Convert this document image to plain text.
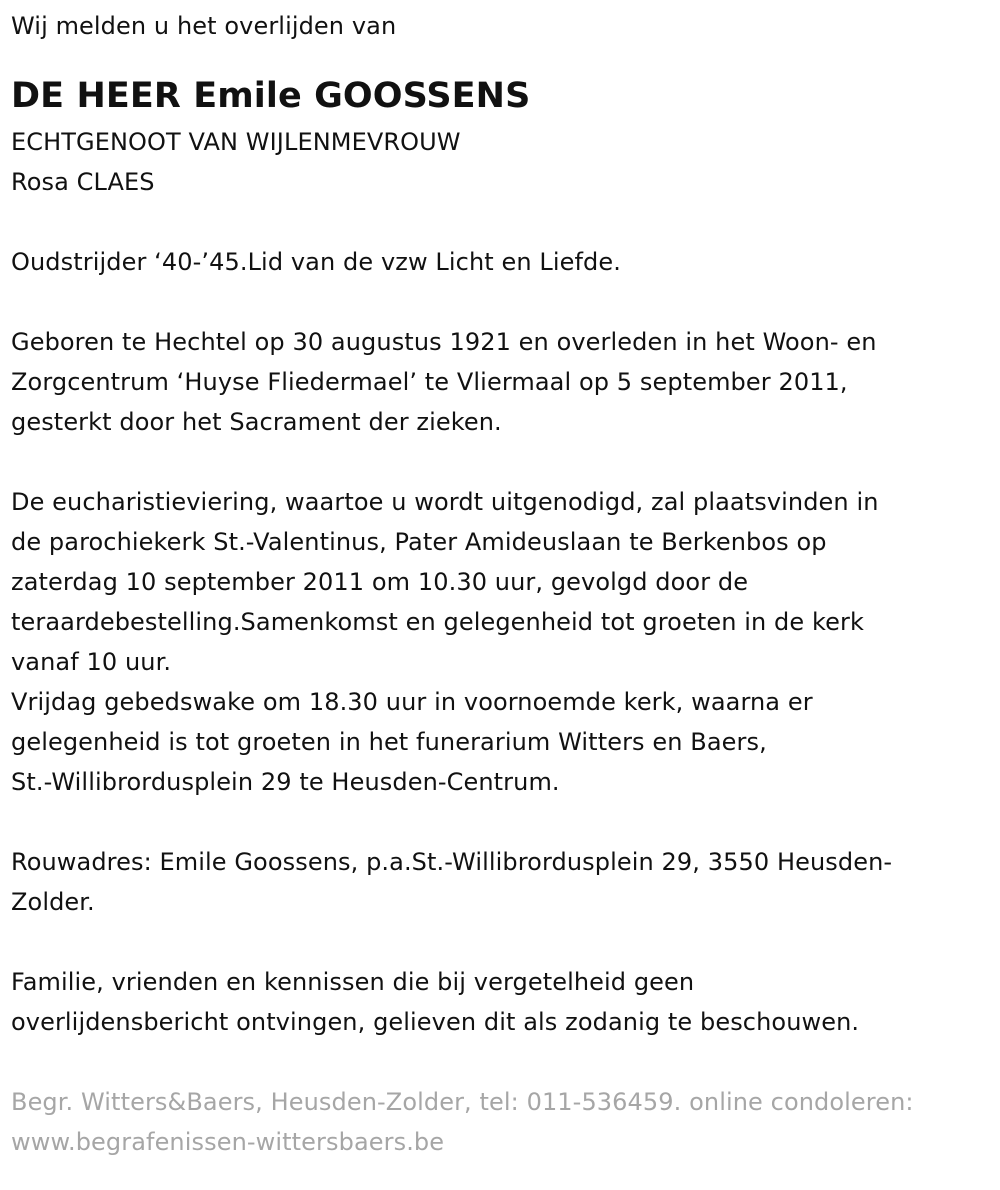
Wij melden u het overlijden van
DE HEER Emile GOOSSENS
ECHTGENOOT VAN WIJLENMEVROUW
Rosa CLAES
Oudstrijder ‘40-’45.Lid van de vzw Licht en Liefde.
Geboren te Hechtel op 30 augustus 1921 en overleden in het Woon- en
Zorgcentrum ‘Huyse Fliedermael’ te Vliermaal op 5 september 2011,
gesterkt door het Sacrament der zieken.
De eucharistieviering, waartoe u wordt uitgenodigd, zal plaatsvinden in
de parochiekerk St.-Valentinus, Pater Amideuslaan te Berkenbos op
zaterdag 10 september 2011 om 10.30 uur, gevolgd door de
teraardebestelling.Samenkomst en gelegenheid tot groeten in de kerk
vanaf 10 uur.
Vrijdag gebedswake om 18.30 uur in voornoemde kerk, waarna er
gelegenheid is tot groeten in het funerarium Witters en Baers,
St.-Willibrordusplein 29 te Heusden-Centrum.
Rouwadres: Emile Goossens, p.a.St.-Willibrordusplein 29, 3550 Heusden-
Zolder.
Familie, vrienden en kennissen die bij vergetelheid geen
overlijdensbericht ontvingen, gelieven dit als zodanig te beschouwen.
Begr. Witters&Baers, Heusden-Zolder, tel: 011-536459. online condoleren:
www.begrafenissen-wittersbaers.be
